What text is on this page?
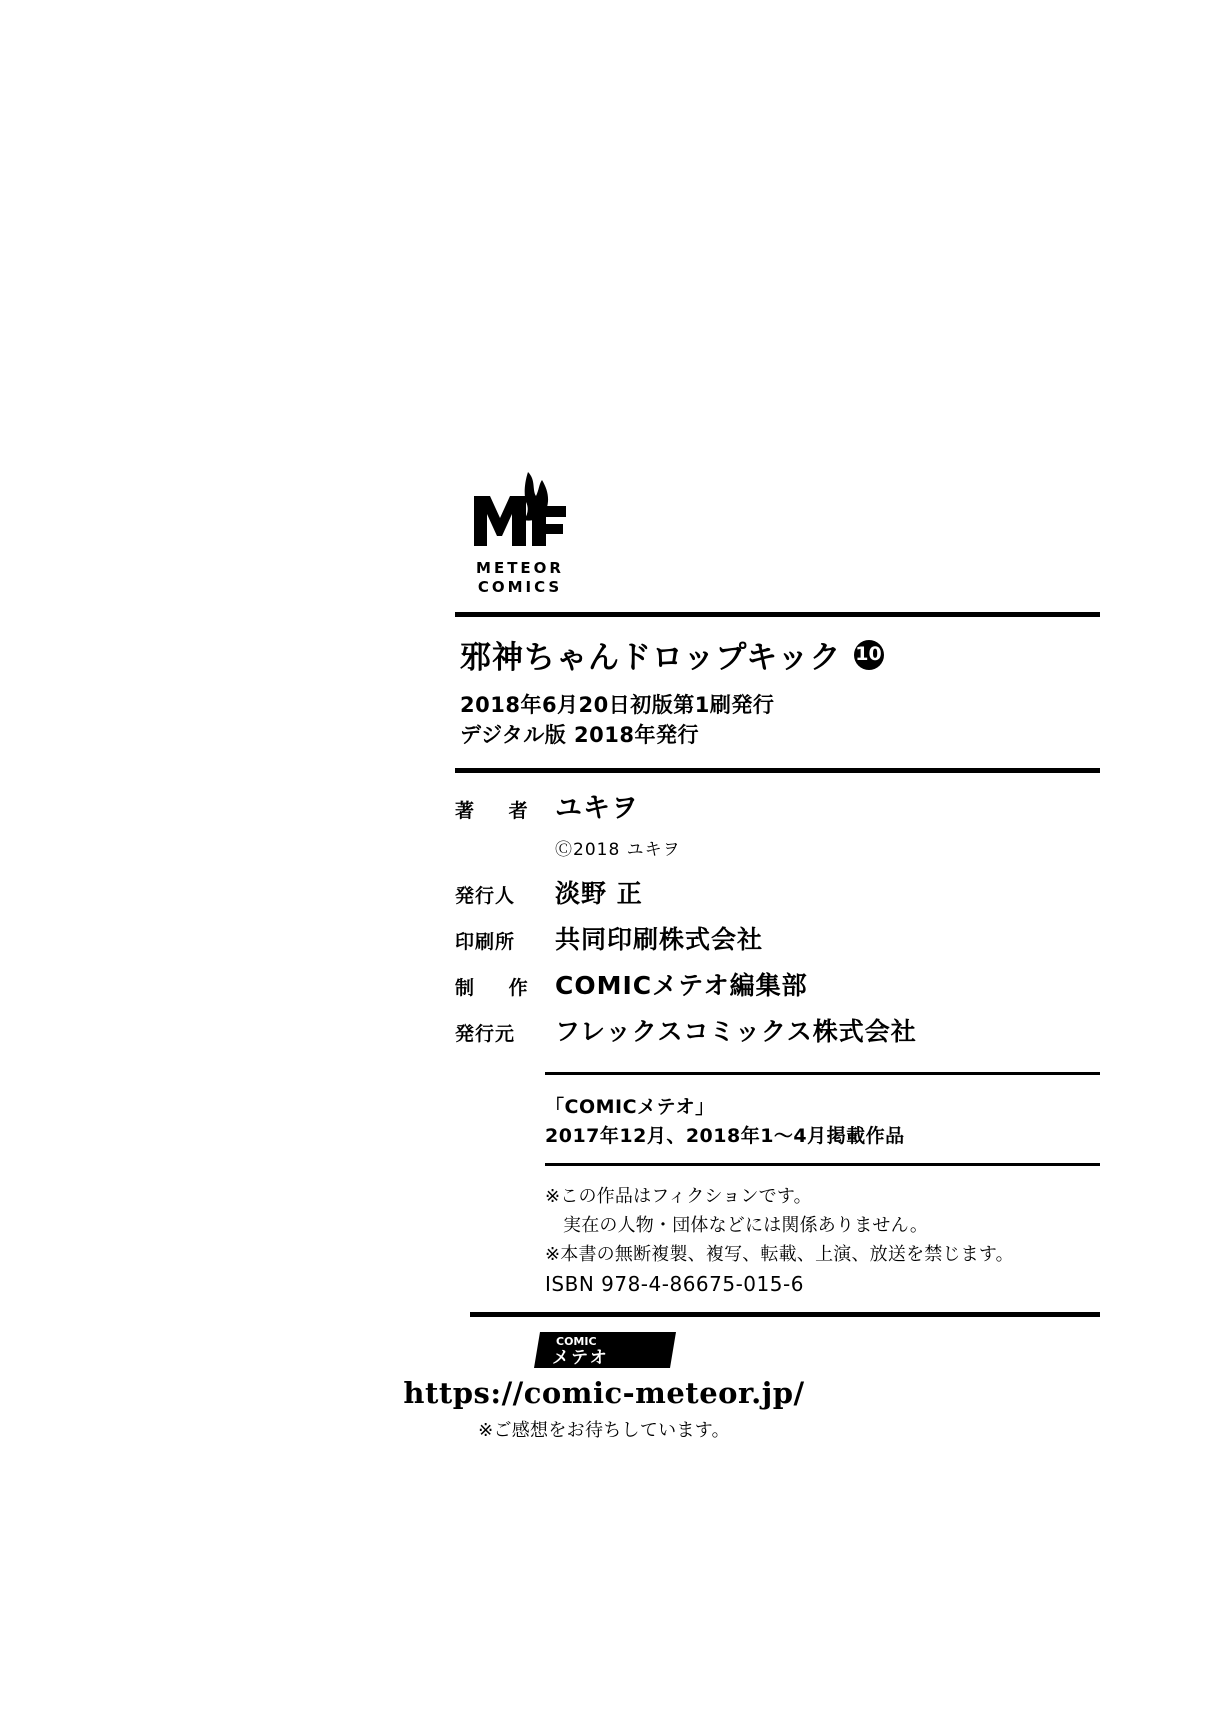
METEOR
COMICS
邪神ちゃんドロップキック 10
2018年6月20日初版第1刷発行
デジタル版 2018年発行
著 者 ユキヲ
Ⓒ2018 ユキヲ
発行人	淡野 正
印刷所	共同印刷株式会社
制 作 COMICメテオ編集部
発行元	フレックスコミックス株式会社
「COMICメテオ」
2017年12月、2018年1〜4月掲載作品
※この作品はフィクションです。
実在の人物・団体などには関係ありません。
※本書の無断複製、複写、転載、上演、放送を禁じます。
ISBN 978-4-86675-015-6
COMIC
メテオ
https://comic-meteor.jp/
※ご感想をお待ちしています。
